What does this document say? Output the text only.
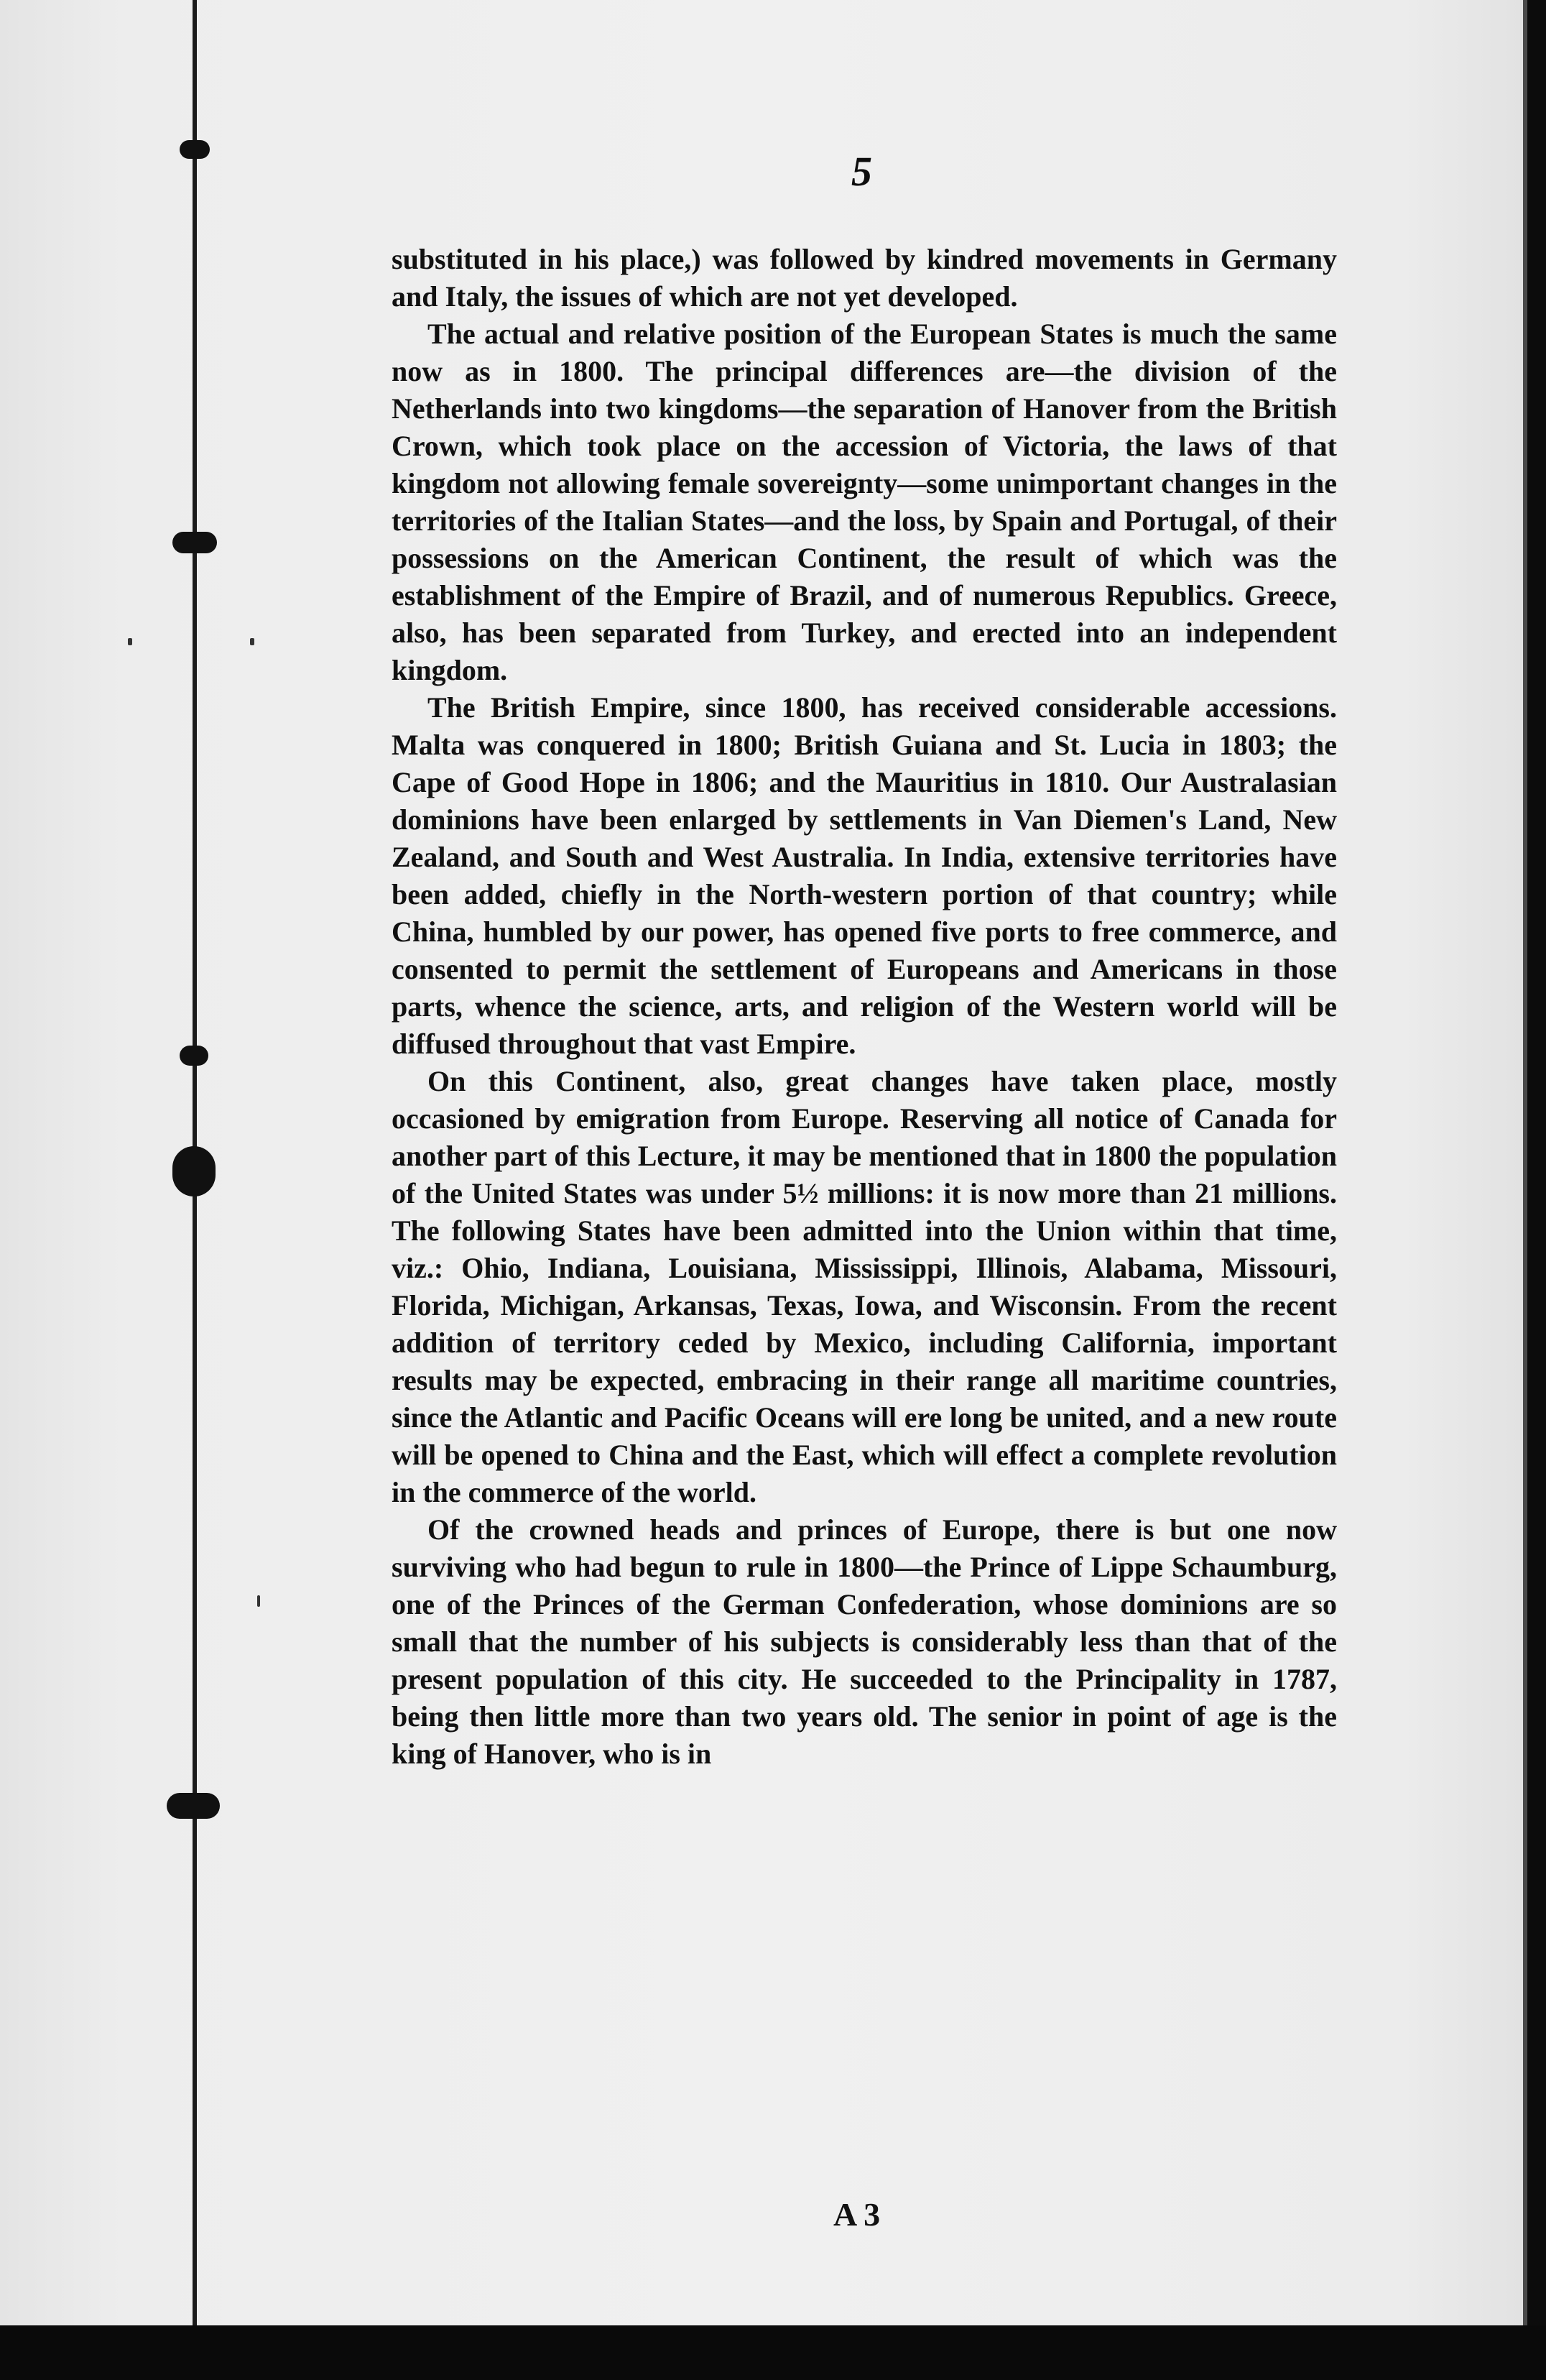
5

substituted in his place,) was followed by kindred movements in Germany and Italy, the issues of which are not yet developed.

The actual and relative position of the European States is much the same now as in 1800. The principal differences are—the division of the Netherlands into two kingdoms—the separation of Hanover from the British Crown, which took place on the accession of Victoria, the laws of that kingdom not allowing female sovereignty—some unimportant changes in the territories of the Italian States—and the loss, by Spain and Portugal, of their possessions on the American Continent, the result of which was the establishment of the Empire of Brazil, and of numerous Republics. Greece, also, has been separated from Turkey, and erected into an independent kingdom.

The British Empire, since 1800, has received considerable accessions. Malta was conquered in 1800; British Guiana and St. Lucia in 1803; the Cape of Good Hope in 1806; and the Mauritius in 1810. Our Australasian dominions have been enlarged by settlements in Van Diemen's Land, New Zealand, and South and West Australia. In India, extensive territories have been added, chiefly in the North-western portion of that country; while China, humbled by our power, has opened five ports to free commerce, and consented to permit the settlement of Europeans and Americans in those parts, whence the science, arts, and religion of the Western world will be diffused throughout that vast Empire.

On this Continent, also, great changes have taken place, mostly occasioned by emigration from Europe. Reserving all notice of Canada for another part of this Lecture, it may be mentioned that in 1800 the population of the United States was under 5½ millions: it is now more than 21 millions. The following States have been admitted into the Union within that time, viz.: Ohio, Indiana, Louisiana, Mississippi, Illinois, Alabama, Missouri, Florida, Michigan, Arkansas, Texas, Iowa, and Wisconsin. From the recent addition of territory ceded by Mexico, including California, important results may be expected, embracing in their range all maritime countries, since the Atlantic and Pacific Oceans will ere long be united, and a new route will be opened to China and the East, which will effect a complete revolution in the commerce of the world.

Of the crowned heads and princes of Europe, there is but one now surviving who had begun to rule in 1800—the Prince of Lippe Schaumburg, one of the Princes of the German Confederation, whose dominions are so small that the number of his subjects is considerably less than that of the present population of this city. He succeeded to the Principality in 1787, being then little more than two years old. The senior in point of age is the king of Hanover, who is in

A 3
